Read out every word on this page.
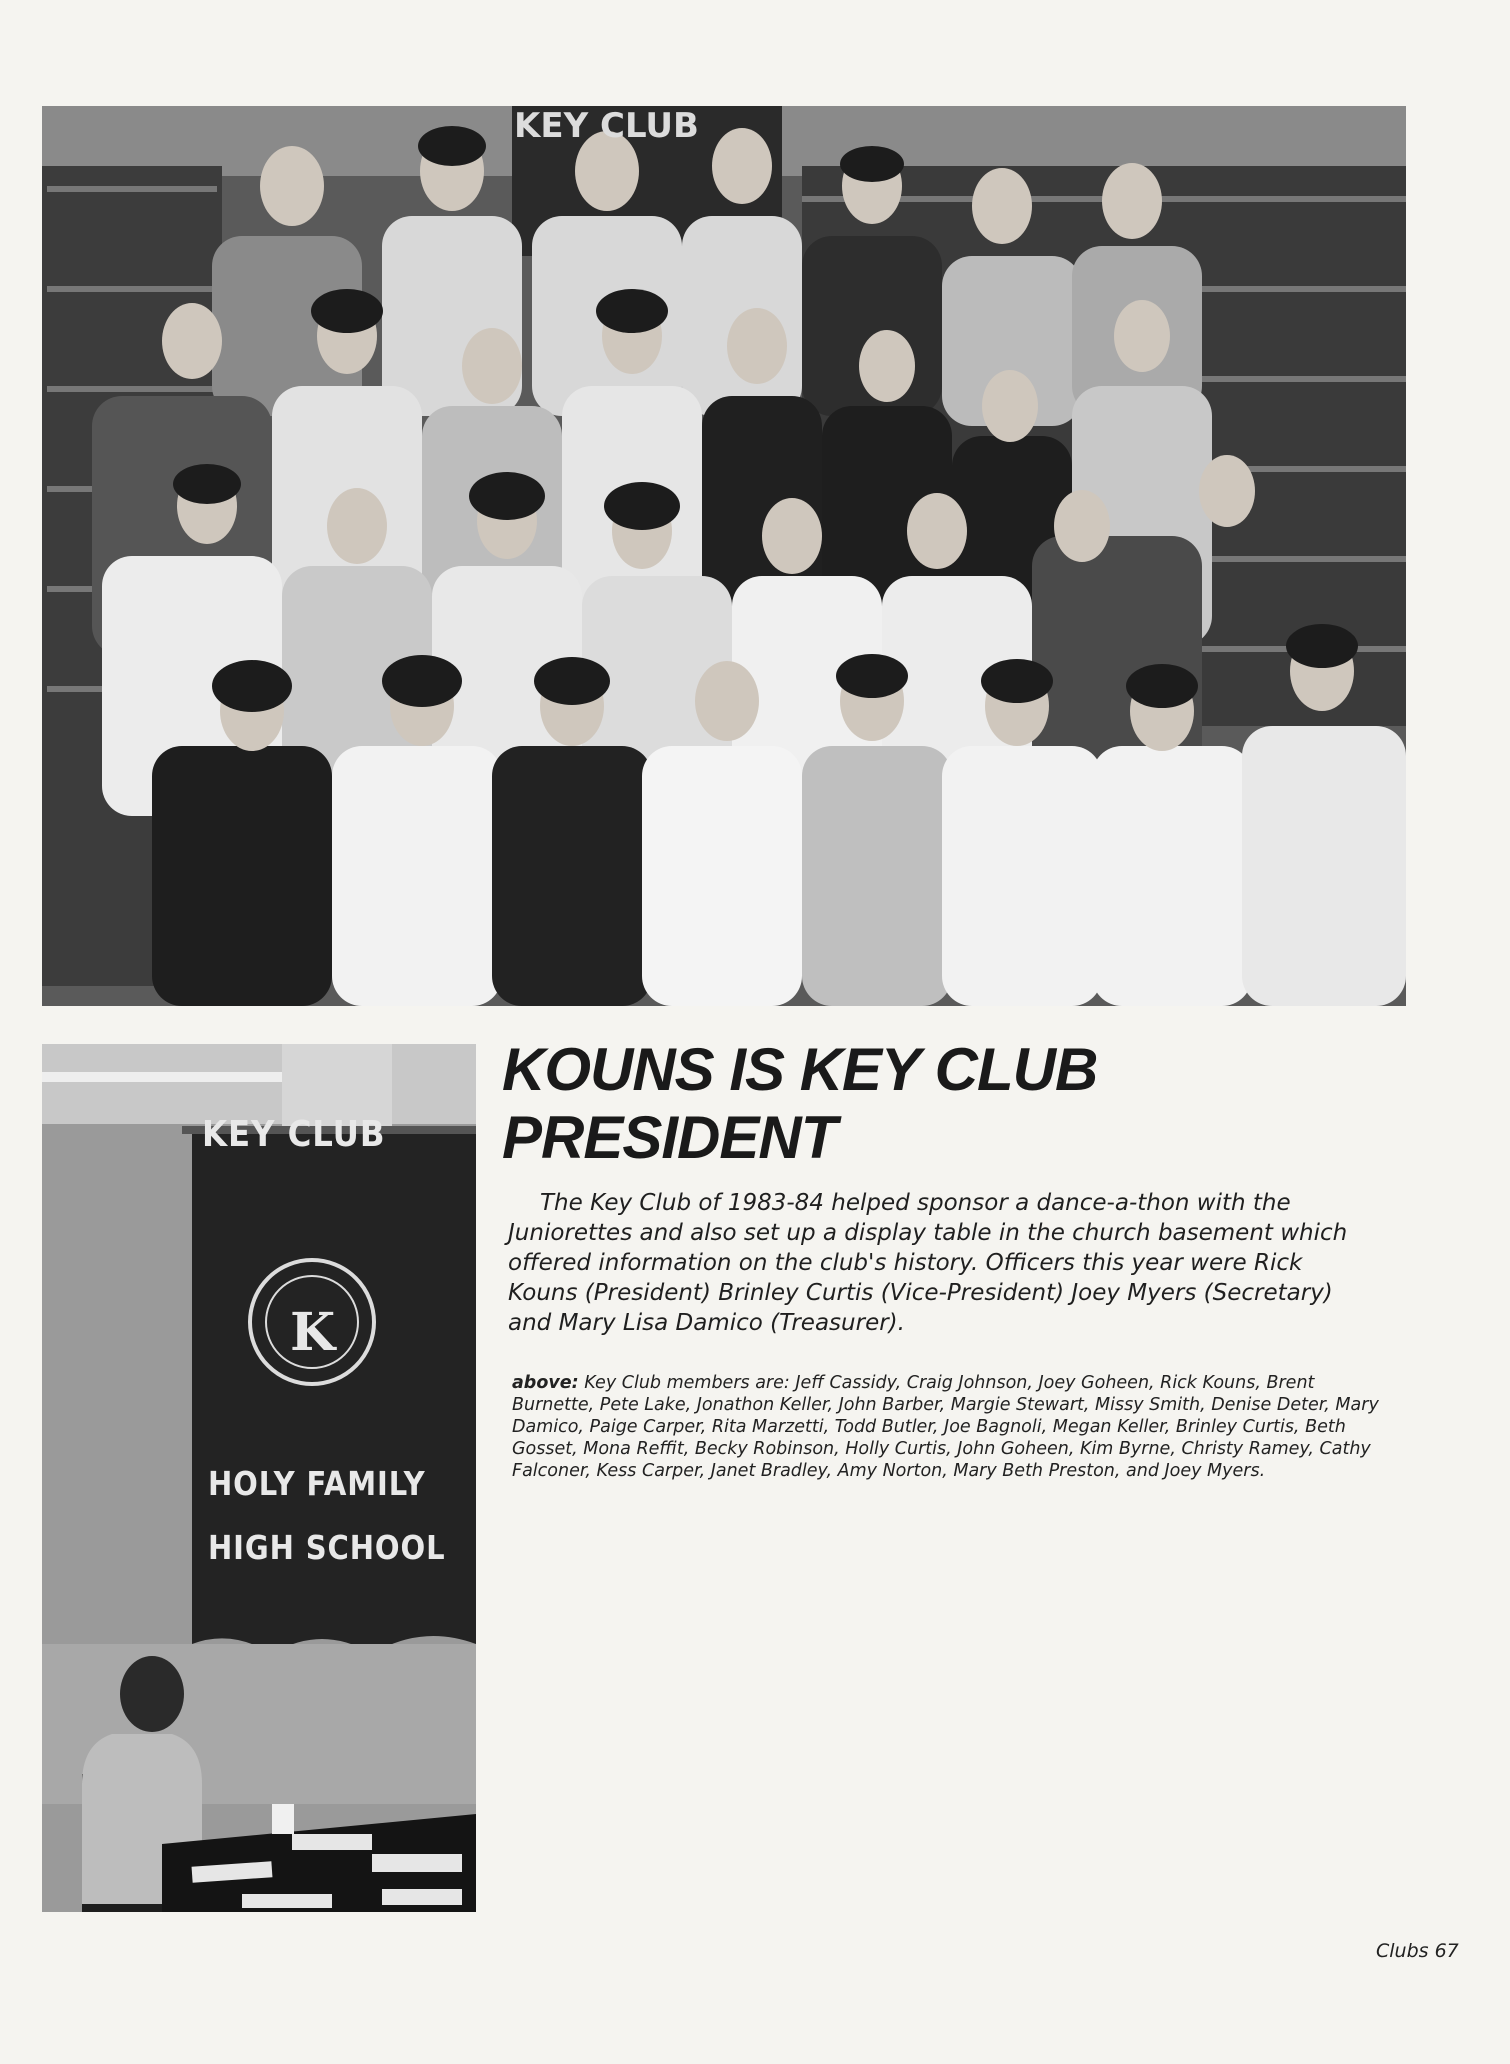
KEY CLUB
KEY CLUB
K
HOLY FAMILY
HIGH SCHOOL
KOUNS IS KEY CLUB PRESIDENT

The Key Club of 1983-84 helped sponsor a dance-a-thon with the Juniorettes and also set up a display table in the church basement which offered information on the club's history. Officers this year were Rick Kouns (President) Brinley Curtis (Vice-President) Joey Myers (Secretary) and Mary Lisa Damico (Treasurer).

above: Key Club members are: Jeff Cassidy, Craig Johnson, Joey Goheen, Rick Kouns, Brent Burnette, Pete Lake, Jonathon Keller, John Barber, Margie Stewart, Missy Smith, Denise Deter, Mary Damico, Paige Carper, Rita Marzetti, Todd Butler, Joe Bagnoli, Megan Keller, Brinley Curtis, Beth Gosset, Mona Reffit, Becky Robinson, Holly Curtis, John Goheen, Kim Byrne, Christy Ramey, Cathy Falconer, Kess Carper, Janet Bradley, Amy Norton, Mary Beth Preston, and Joey Myers.

Clubs 67
